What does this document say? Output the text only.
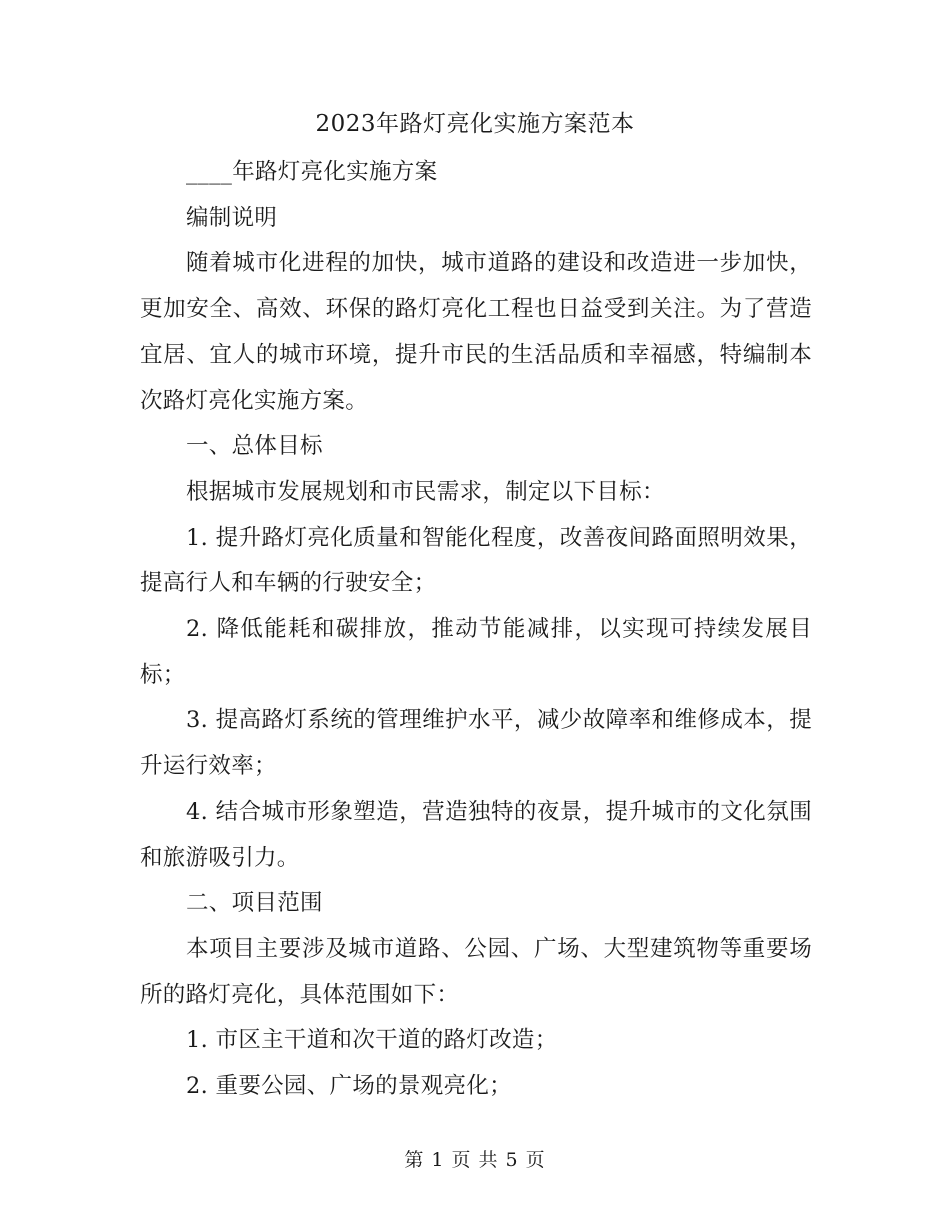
2023年路灯亮化实施方案范本

____年路灯亮化实施方案

编制说明

随着城市化进程的加快，城市道路的建设和改造进一步加快，更加安全、高效、环保的路灯亮化工程也日益受到关注。为了营造宜居、宜人的城市环境，提升市民的生活品质和幸福感，特编制本次路灯亮化实施方案。

一、总体目标

根据城市发展规划和市民需求，制定以下目标：

1. 提升路灯亮化质量和智能化程度，改善夜间路面照明效果，提高行人和车辆的行驶安全；

2. 降低能耗和碳排放，推动节能减排，以实现可持续发展目标；

3. 提高路灯系统的管理维护水平，减少故障率和维修成本，提升运行效率；

4. 结合城市形象塑造，营造独特的夜景，提升城市的文化氛围和旅游吸引力。

二、项目范围

本项目主要涉及城市道路、公园、广场、大型建筑物等重要场所的路灯亮化，具体范围如下：

1. 市区主干道和次干道的路灯改造；

2. 重要公园、广场的景观亮化；

第 1 页 共 5 页
